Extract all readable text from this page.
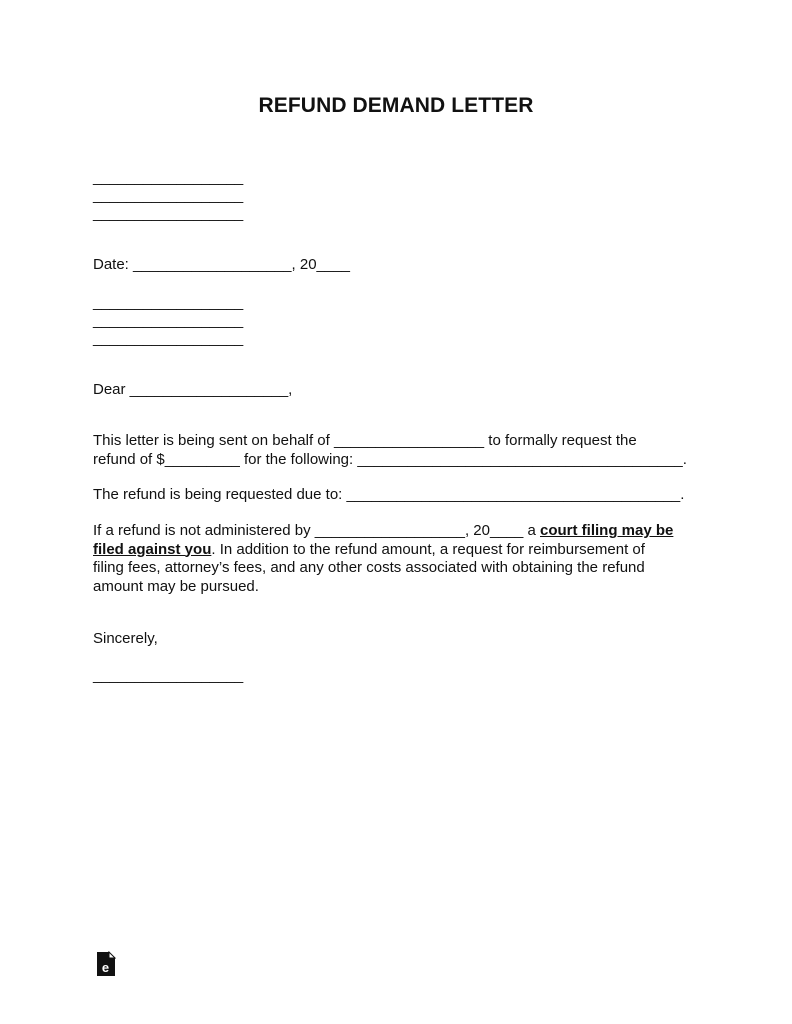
REFUND DEMAND LETTER
__________________
__________________
__________________
Date: ___________________, 20____
__________________
__________________
__________________
Dear ___________________,

This letter is being sent on behalf of __________________ to formally request the
refund of $_________ for the following: _______________________________________.

The refund is being requested due to: ________________________________________.

If a refund is not administered by __________________, 20____ a court filing may be
filed against you. In addition to the refund amount, a request for reimbursement of
filing fees, attorney’s fees, and any other costs associated with obtaining the refund
amount may be pursued.

Sincerely,
__________________
e
